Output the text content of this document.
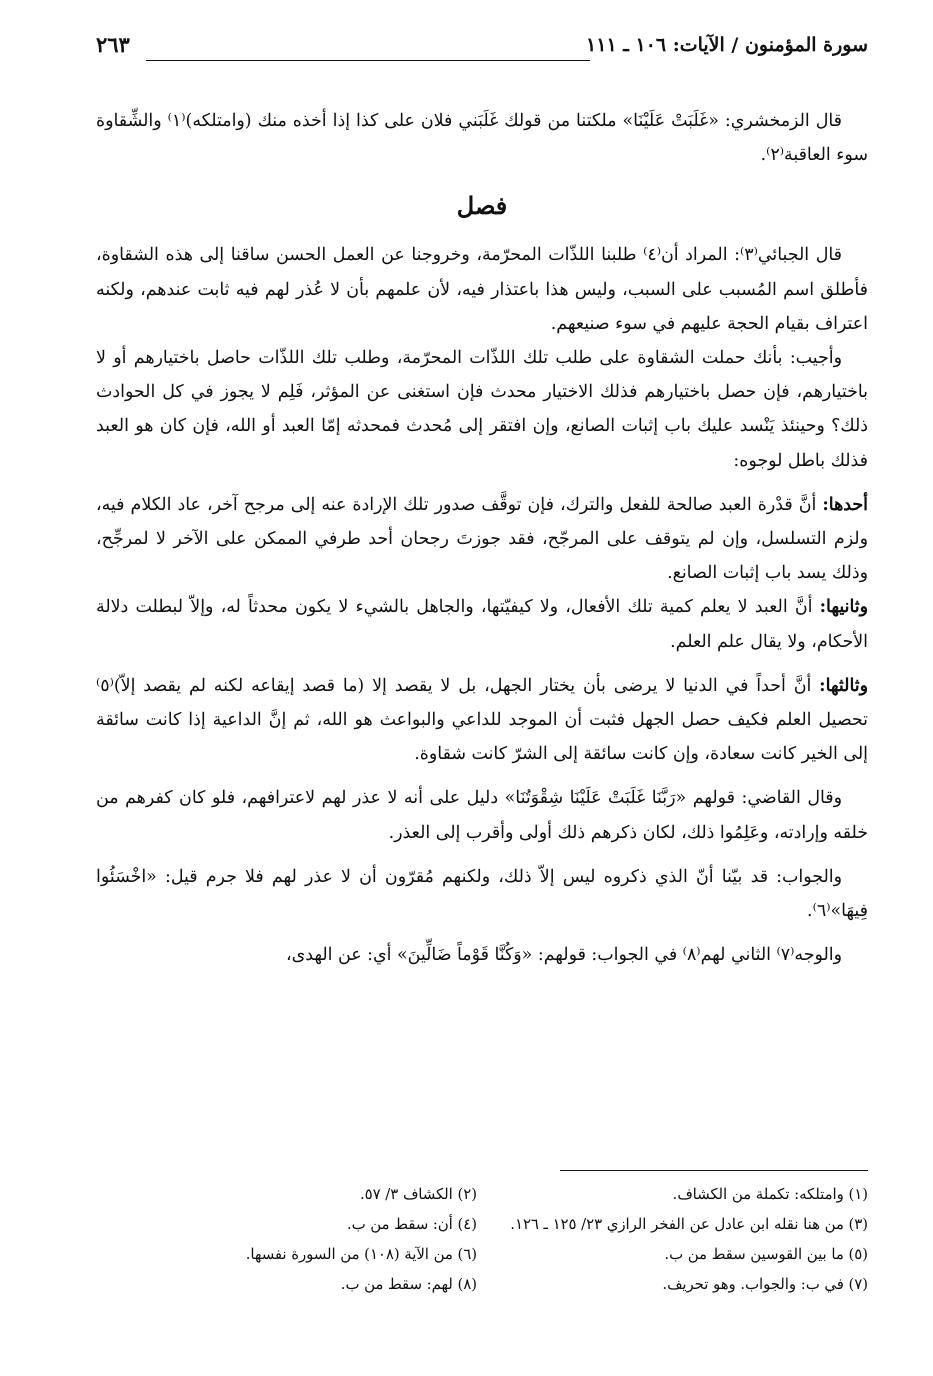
سورة المؤمنون / الآيات: ١٠٦ ـ ١١١
٢٦٣

قال الزمخشري: «غَلَبَتْ عَلَيْنَا» ملكتنا من قولك غَلَبَني فلان على كذا إذا أخذه منك (وامتلكه)⁽١⁾ والشِّقاوة سوء العاقبة⁽٢⁾.

فصل

قال الجبائي⁽٣⁾: المراد أن⁽٤⁾ طلبنا اللذّات المحرّمة، وخروجنا عن العمل الحسن ساقنا إلى هذه الشقاوة، فأطلق اسم المُسبب على السبب، وليس هذا باعتذار فيه، لأن علمهم بأن لا عُذر لهم فيه ثابت عندهم، ولكنه اعتراف بقيام الحجة عليهم في سوء صنيعهم.

وأجيب: بأنك حملت الشقاوة على طلب تلك اللذّات المحرّمة، وطلب تلك اللذّات حاصل باختيارهم أو لا باختيارهم، فإن حصل باختيارهم فذلك الاختيار محدث فإن استغنى عن المؤثر، فَلِم لا يجوز في كل الحوادث ذلك؟ وحينئذ يَنْسد عليك باب إثبات الصانع، وإن افتقر إلى مُحدث فمحدثه إمّا العبد أو الله، فإن كان هو العبد فذلك باطل لوجوه:

أحدها: أنَّ قدْرة العبد صالحة للفعل والترك، فإن توقَّف صدور تلك الإرادة عنه إلى مرجح آخر، عاد الكلام فيه، ولزم التسلسل، وإن لم يتوقف على المرجّح، فقد جوزتَ رجحان أحد طرفي الممكن على الآخر لا لمرجِّح، وذلك يسد باب إثبات الصانع.

وثانيها: أنَّ العبد لا يعلم كمية تلك الأفعال، ولا كيفيّتها، والجاهل بالشيء لا يكون محدثاً له، وإلاّ لبطلت دلالة الأحكام، ولا يقال علم العلم.

وثالثها: أنَّ أحداً في الدنيا لا يرضى بأن يختار الجهل، بل لا يقصد إلا (ما قصد إيقاعه لكنه لم يقصد إلاّ)⁽٥⁾ تحصيل العلم فكيف حصل الجهل فثبت أن الموجد للداعي والبواعث هو الله، ثم إنَّ الداعية إذا كانت سائقة إلى الخير كانت سعادة، وإن كانت سائقة إلى الشرّ كانت شقاوة.

وقال القاضي: قولهم «رَبَّنَا غَلَبَتْ عَلَيْنَا شِقْوَتُنَا» دليل على أنه لا عذر لهم لاعترافهم، فلو كان كفرهم من خلقه وإرادته، وعَلِمُوا ذلك، لكان ذكرهم ذلك أولى وأقرب إلى العذر.

والجواب: قد بيّنا أنّ الذي ذكروه ليس إلاّ ذلك، ولكنهم مُقرّون أن لا عذر لهم فلا جرم قيل: «اخْسَئُوا فِيهَا»⁽٦⁾.

والوجه⁽٧⁾ الثاني لهم⁽٨⁾ في الجواب: قولهم: «وَكُنَّا قَوْماً ضَالِّينَ» أي: عن الهدى،

(١) وامتلكه: تكملة من الكشاف.
(٢) الكشاف ٣/ ٥٧.
(٣) من هنا نقله ابن عادل عن الفخر الرازي ٢٣/ ١٢٥ ـ ١٢٦.
(٤) أن: سقط من ب.
(٥) ما بين القوسين سقط من ب.
(٦) من الآية (١٠٨) من السورة نفسها.
(٧) في ب: والجواب. وهو تحريف.
(٨) لهم: سقط من ب.
